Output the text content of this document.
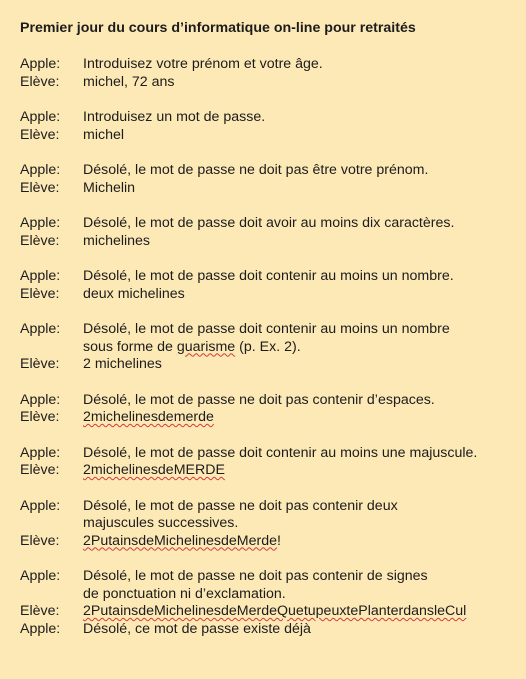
Premier jour du cours d’informatique on-line pour retraités
Apple:	Introduisez votre prénom et votre âge.
Elève:	michel, 72 ans
Apple:	Introduisez un mot de passe.
Elève:	michel
Apple:	Désolé, le mot de passe ne doit pas être votre prénom.
Elève:	Michelin
Apple:	Désolé, le mot de passe doit avoir au moins dix caractères.
Elève:	michelines
Apple:	Désolé, le mot de passe doit contenir au moins un nombre.
Elève:	deux michelines
Apple:	Désolé, le mot de passe doit contenir au moins un nombre
sous forme de guarisme (p. Ex. 2).
Elève:	2 michelines
Apple:	Désolé, le mot de passe ne doit pas contenir d’espaces.
Elève:	2michelinesdemerde
Apple:	Désolé, le mot de passe doit contenir au moins une majuscule.
Elève:	2michelinesdeMERDE
Apple:	Désolé, le mot de passe ne doit pas contenir deux
majuscules successives.
Elève:	2PutainsdeMichelinesdeMerde!
Apple:	Désolé, le mot de passe ne doit pas contenir de signes
de ponctuation ni d’exclamation.
Elève:	2PutainsdeMichelinesdeMerdeQuetupeuxtePlanterdansleCul
Apple:	Désolé, ce mot de passe existe déjà
